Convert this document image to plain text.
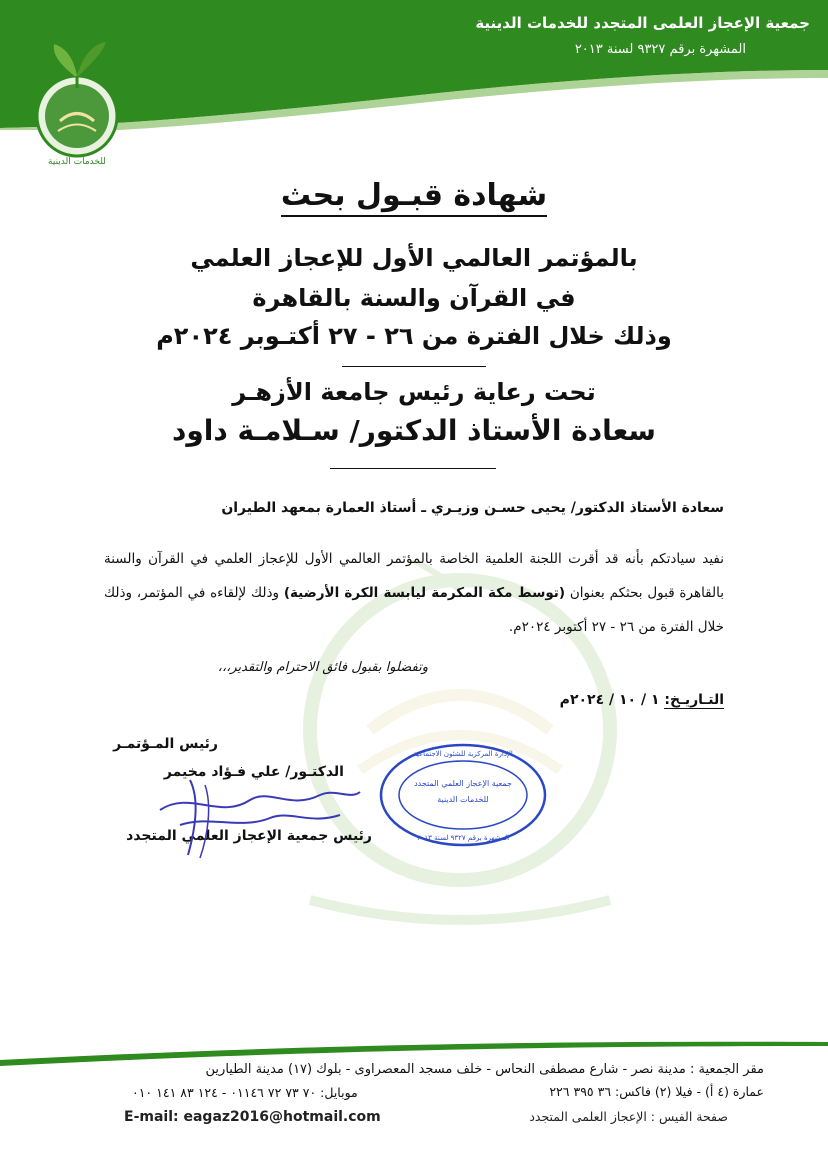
جمعية الإعجاز العلمى المتجدد للخدمات الدينية
المشهرة برقم ٩٣٢٧ لسنة ٢٠١٣
للخدمات الدينية
شهادة قبـول بحث
بالمؤتمر العالمي الأول للإعجاز العلمي
في القرآن والسنة بالقاهرة
وذلك خلال الفترة من ٢٦ - ٢٧ أكتـوبر ٢٠٢٤م
تحت رعاية رئيس جامعة الأزهـر
سعادة الأستاذ الدكتور/ سـلامـة داود
سعادة الأستاذ الدكتور/ يحيى حسـن وزيـري ـ أستاذ العمارة بمعهد الطيران
نفيد سيادتكم بأنه قد أقرت اللجنة العلمية الخاصة بالمؤتمر العالمي الأول للإعجاز العلمي في القرآن والسنة بالقاهرة قبول بحثكم بعنوان (توسط مكة المكرمة ليابسة الكرة الأرضية) وذلك لإلقاءه في المؤتمر، وذلك خلال الفترة من ٢٦ - ٢٧ أكتوبر ٢٠٢٤م.
وتفضلوا بقبول فائق الاحترام والتقدير،،،
التـاريـخ: ١ / ١٠ / ٢٠٢٤م
رئيس المـؤتمـر
الدكتـور/ علي فـؤاد مخيمر
رئيس جمعية الإعجاز العلمي المتجدد
الإدارة المركزية للشئون الاجتماعية
جمعية الإعجاز العلمي المتجدد
للخدمات الدينية
المشهرة برقم ٩٣٢٧ لسنة ٢٠١٣
مقر الجمعية : مدينة نصر - شارع مصطفى النحاس - خلف مسجد المعصراوى - بلوك (١٧) مدينة الطيارين
عمارة (٤ أ) - فيلا (٢) فاكس: ٣٦ ٣٩٥ ٢٢٦
موبايل: ٧٠ ٧٣ ٧٢ ٠١١٤٦ - ١٢٤ ٨٣ ١٤١ ٠١٠
صفحة الفيس : الإعجاز العلمى المتجدد
E-mail: eagaz2016@hotmail.com
